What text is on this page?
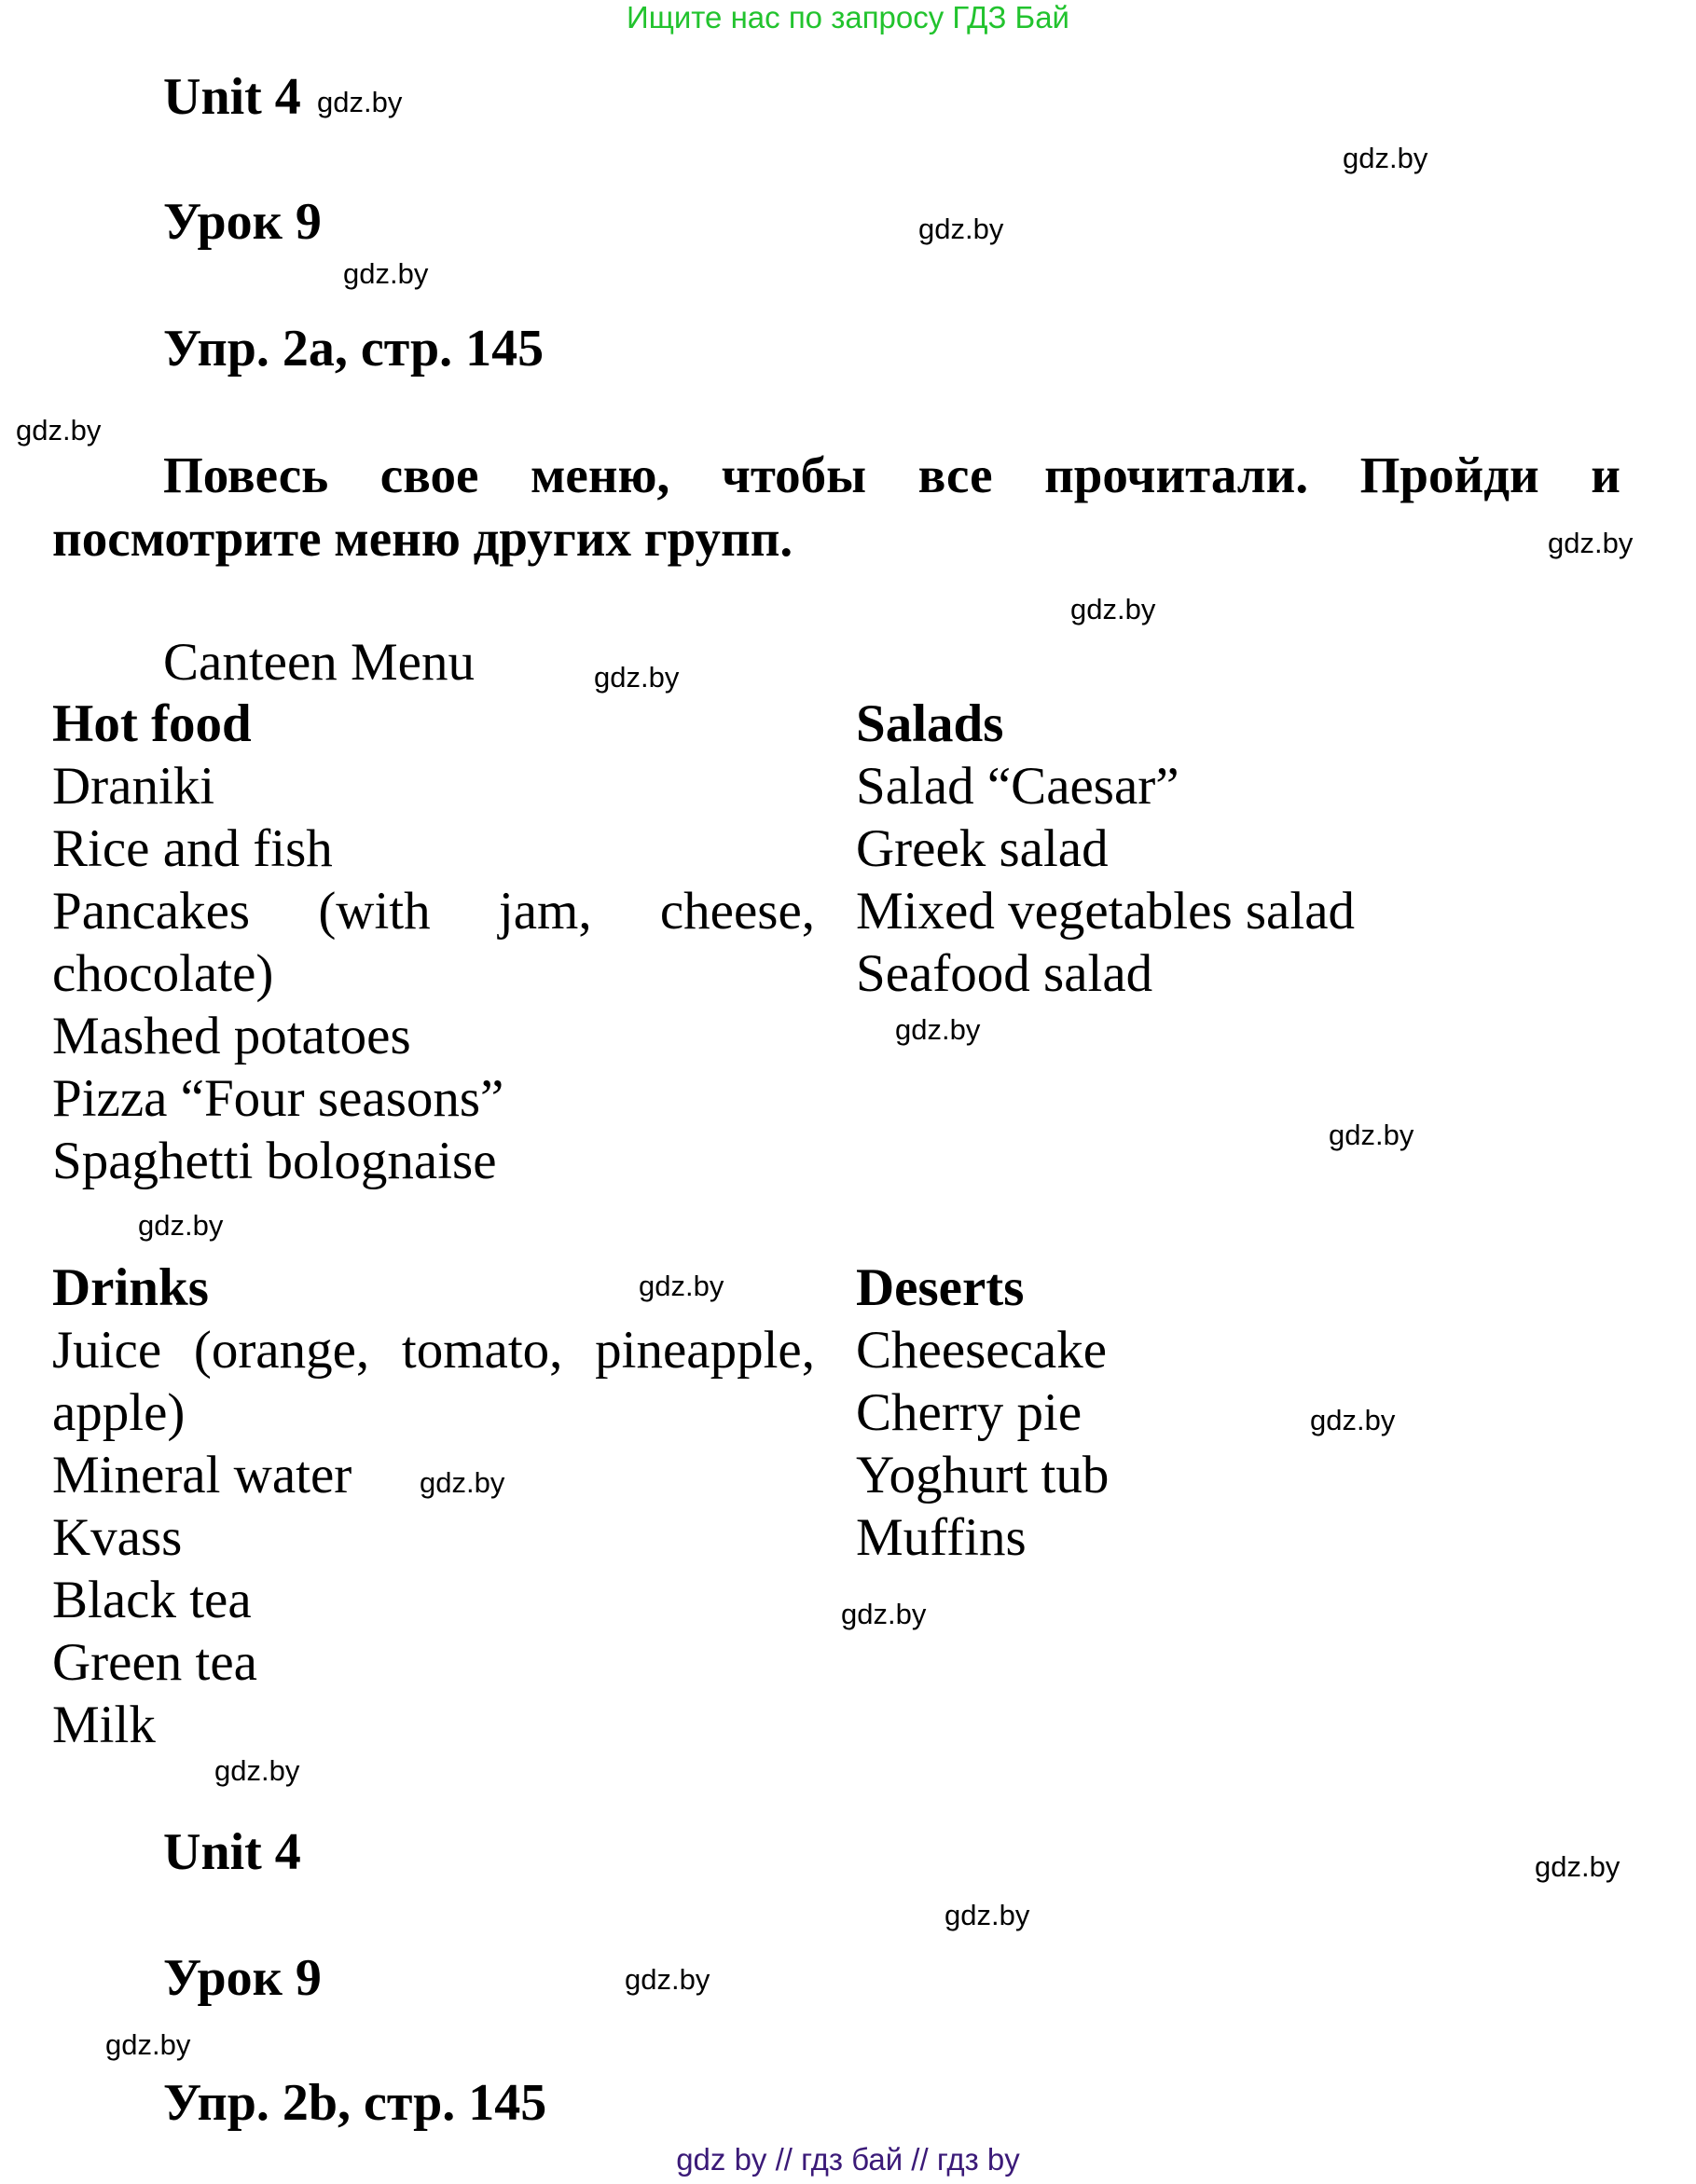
Ищите нас по запросу ГДЗ Бай
Unit 4
Урок 9
Упр. 2a, стр. 145
Повесь свое меню, чтобы все прочитали. Пройди и
посмотрите меню других групп.
Canteen Menu
Hot food
Draniki
Rice and fish
Pancakes (with jam, cheese,
chocolate)
Mashed potatoes
Pizza “Four seasons”
Spaghetti bolognaise
Salads
Salad “Caesar”
Greek salad
Mixed vegetables salad
Seafood salad
Drinks
Juice (orange, tomato, pineapple,
apple)
Mineral water
Kvass
Black tea
Green tea
Milk
Deserts
Cheesecake
Cherry pie
Yoghurt tub
Muffins
Unit 4
Урок 9
Упр. 2b, стр. 145
gdz.by
gdz.by
gdz.by
gdz.by
gdz.by
gdz.by
gdz.by
gdz.by
gdz.by
gdz.by
gdz.by
gdz.by
gdz.by
gdz.by
gdz.by
gdz.by
gdz.by
gdz.by
gdz.by
gdz.by
gdz by // гдз бай // гдз by
